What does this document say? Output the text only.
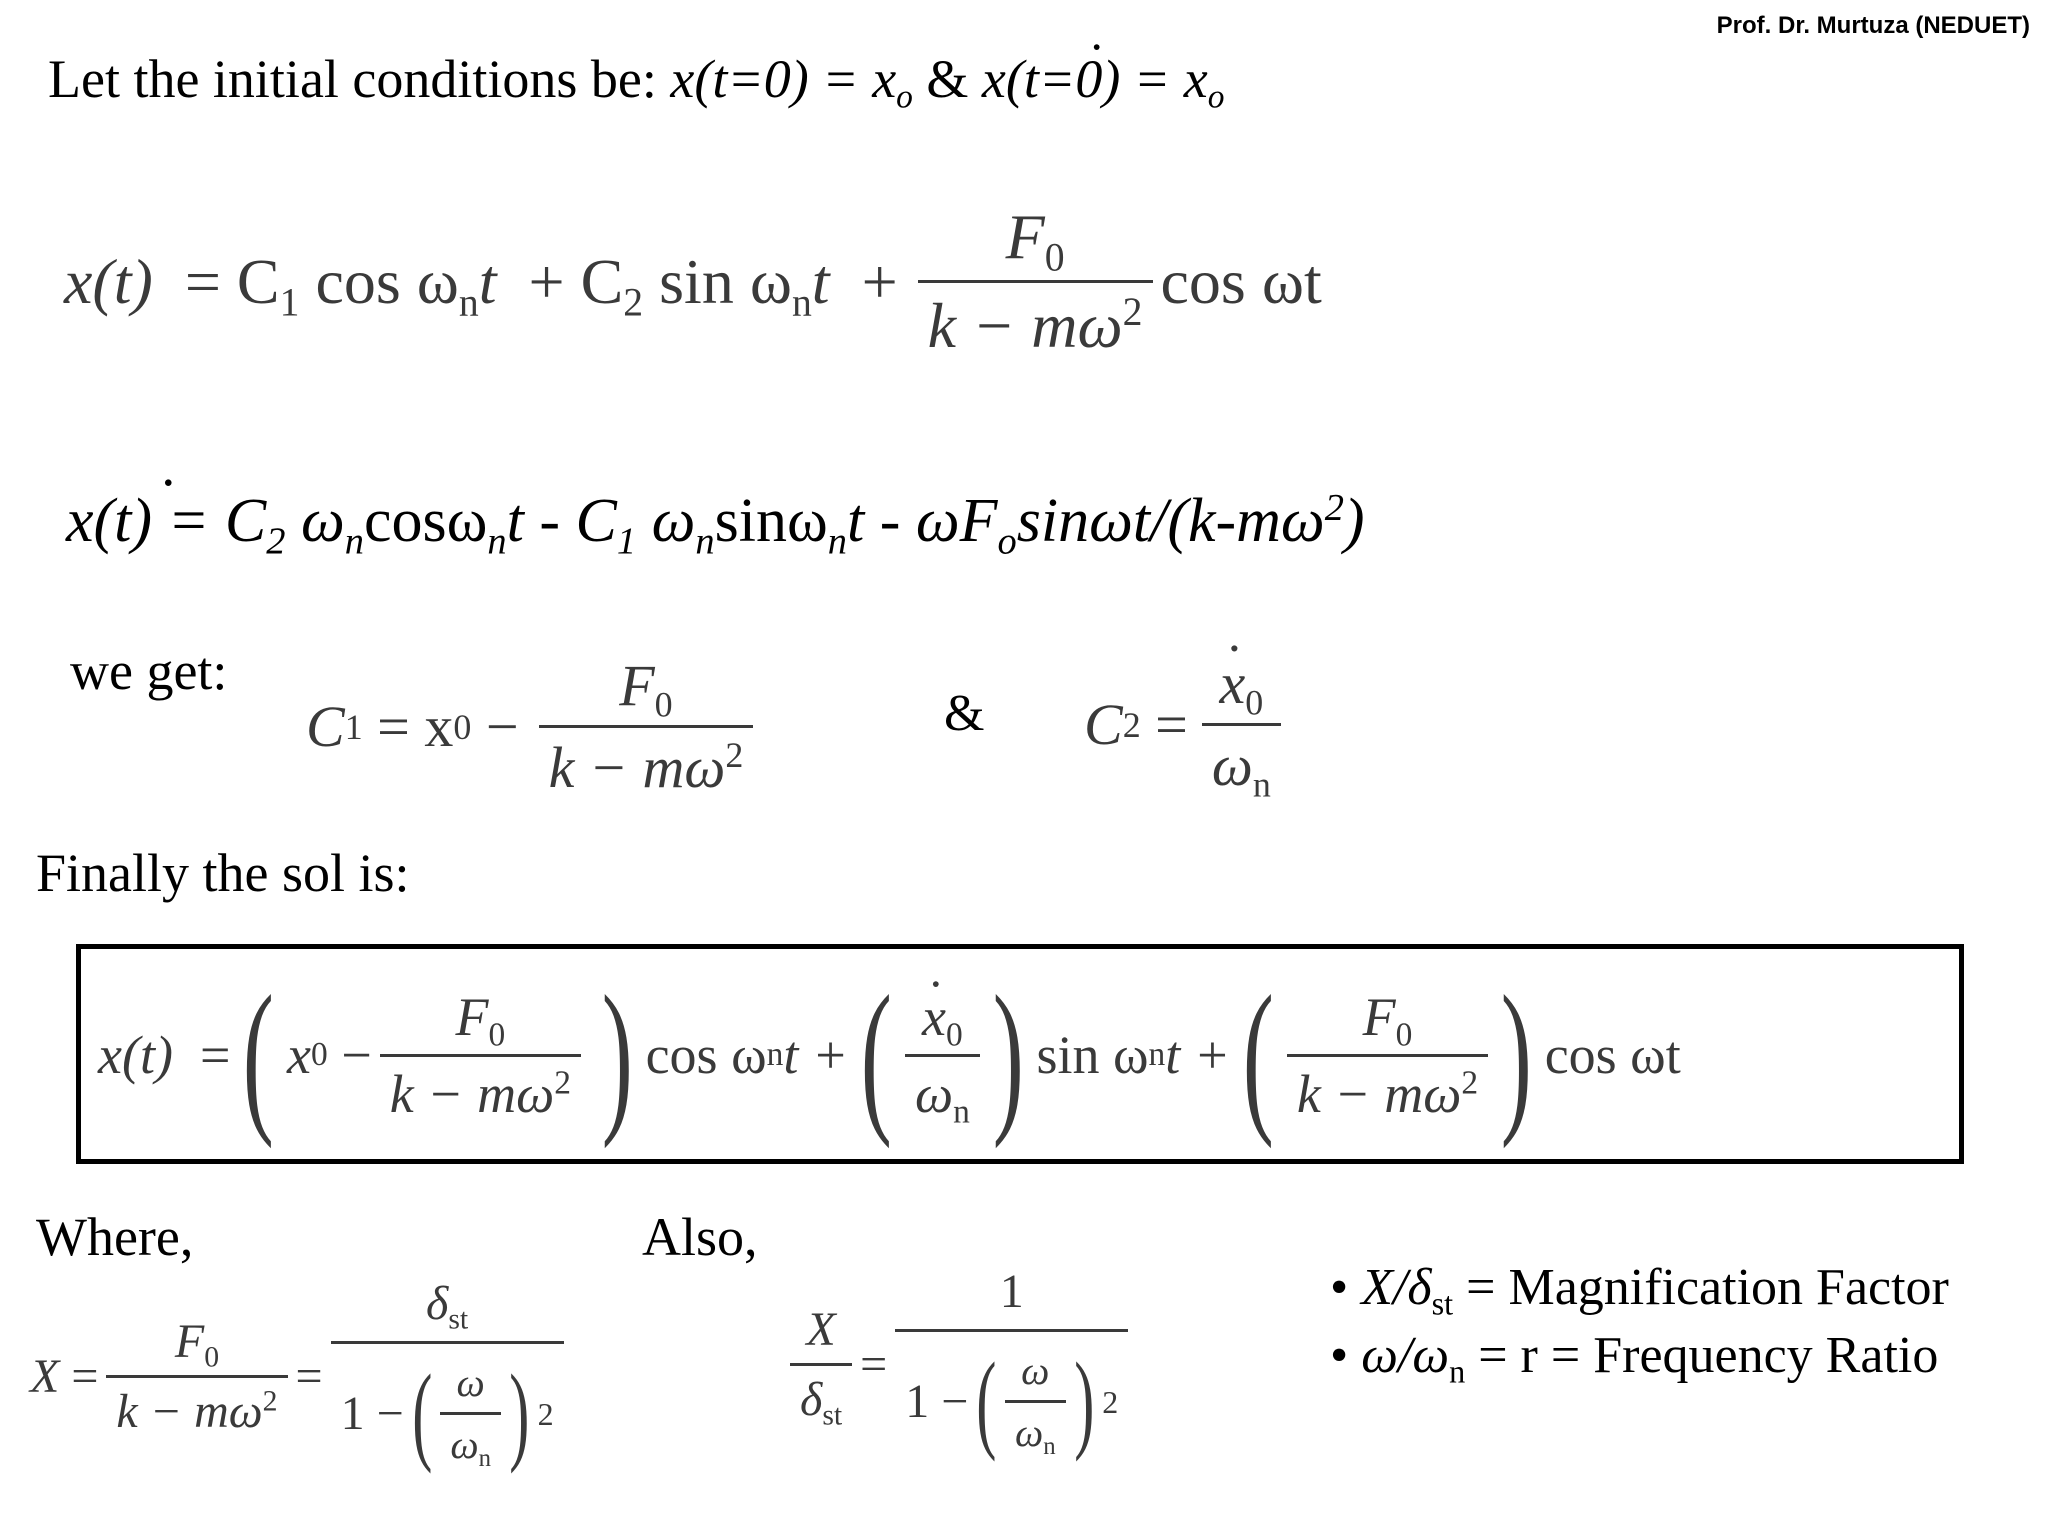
Prof. Dr. Murtuza (NEDUET)
Let the initial conditions be: $x(t=0) = x_o$ & ˙ $x(t=0) = x_o$
x(t)
= $C_1$ $\cos \omega_nt$
+ $C_2$ $\sin \omega_nt$
+ $\frac{F_0}{k - m\omega^2}$ cos ωt
˙ $x(t) = C_2$ $\omega_n\cos\omega_nt - C_1$ $\omega_n\sin\omega_nt - \omega F_o\sin\omega t/(k-m\omega^2)$
we get:
C 1
= x 0
− $\frac{F_0}{k - m\omega^2}$	& C 2
= ˙ $\frac{x_0}{\omega_n}$
Finally the sol is:
x(t)
= ( x 0
− $\frac{F_0}{k - m\omega^2}$ ) cos ω n t + ( ˙ $\frac{x_0}{\omega_n}$ ) sin ω n t + ( $\frac{F_0}{k - m\omega^2}$ ) cos ωt
Where,
X
= $\frac{F_0}{k - m\omega^2}$ =
$\delta_{st}$
1 − ( $\frac{\omega}{\omega_n}$ ) 2
Also,
$\frac{X}{\delta_{st}}$ =
1
1 − ( $\frac{\omega}{\omega_n}$ ) 2
• $X/\delta_{st}$ = Magnification Factor
• $\omega/\omega_n = r$ = Frequency Ratio
